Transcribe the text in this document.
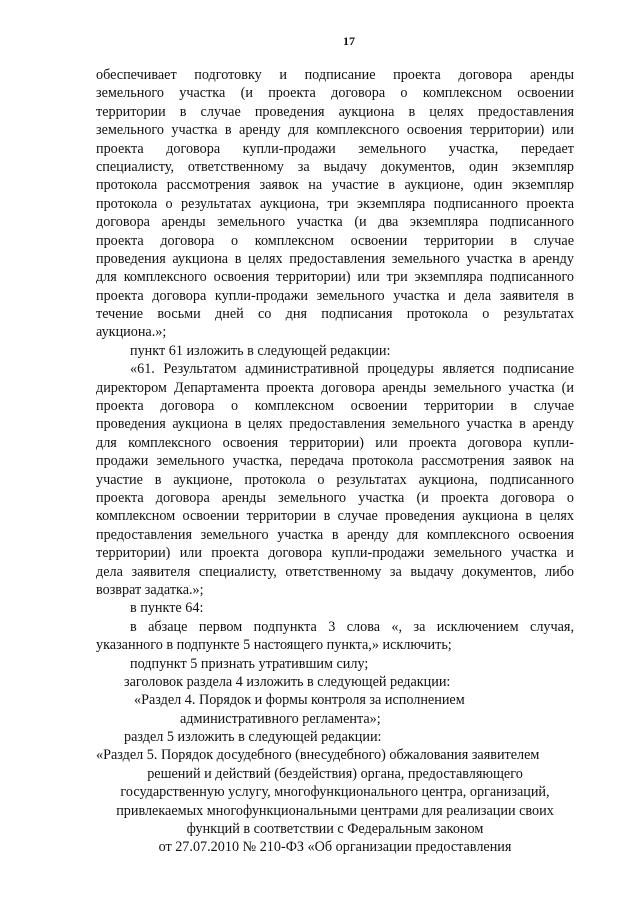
17
обеспечивает подготовку и подписание проекта договора аренды
земельного участка (и проекта договора о комплексном освоении
территории в случае проведения аукциона в целях предоставления
земельного участка в аренду для комплексного освоения территории) или
проекта договора купли-продажи земельного участка, передает
специалисту, ответственному за выдачу документов, один экземпляр
протокола рассмотрения заявок на участие в аукционе, один экземпляр
протокола о результатах аукциона, три экземпляра подписанного проекта
договора аренды земельного участка (и два экземпляра подписанного
проекта договора о комплексном освоении территории в случае
проведения аукциона в целях предоставления земельного участка в аренду
для комплексного освоения территории) или три экземпляра подписанного
проекта договора купли-продажи земельного участка и дела заявителя в
течение восьми дней со дня подписания протокола о результатах
аукциона.»;
пункт 61 изложить в следующей редакции:
«61. Результатом административной процедуры является подписание
директором Департамента проекта договора аренды земельного участка (и
проекта договора о комплексном освоении территории в случае
проведения аукциона в целях предоставления земельного участка в аренду
для комплексного освоения территории) или проекта договора купли-
продажи земельного участка, передача протокола рассмотрения заявок на
участие в аукционе, протокола о результатах аукциона, подписанного
проекта договора аренды земельного участка (и проекта договора о
комплексном освоении территории в случае проведения аукциона в целях
предоставления земельного участка в аренду для комплексного освоения
территории) или проекта договора купли-продажи земельного участка и
дела заявителя специалисту, ответственному за выдачу документов, либо
возврат задатка.»;
в пункте 64:
в абзаце первом подпункта 3 слова «, за исключением случая,
указанного в подпункте 5 настоящего пункта,» исключить;
подпункт 5 признать утратившим силу;
заголовок раздела 4 изложить в следующей редакции:
«Раздел 4. Порядок и формы контроля за исполнением
административного регламента»;
раздел 5 изложить в следующей редакции:
«Раздел 5. Порядок досудебного (внесудебного) обжалования заявителем
решений и действий (бездействия) органа, предоставляющего
государственную услугу, многофункционального центра, организаций,
привлекаемых многофункциональными центрами для реализации своих
функций в соответствии с Федеральным законом
от 27.07.2010 № 210-ФЗ «Об организации предоставления
